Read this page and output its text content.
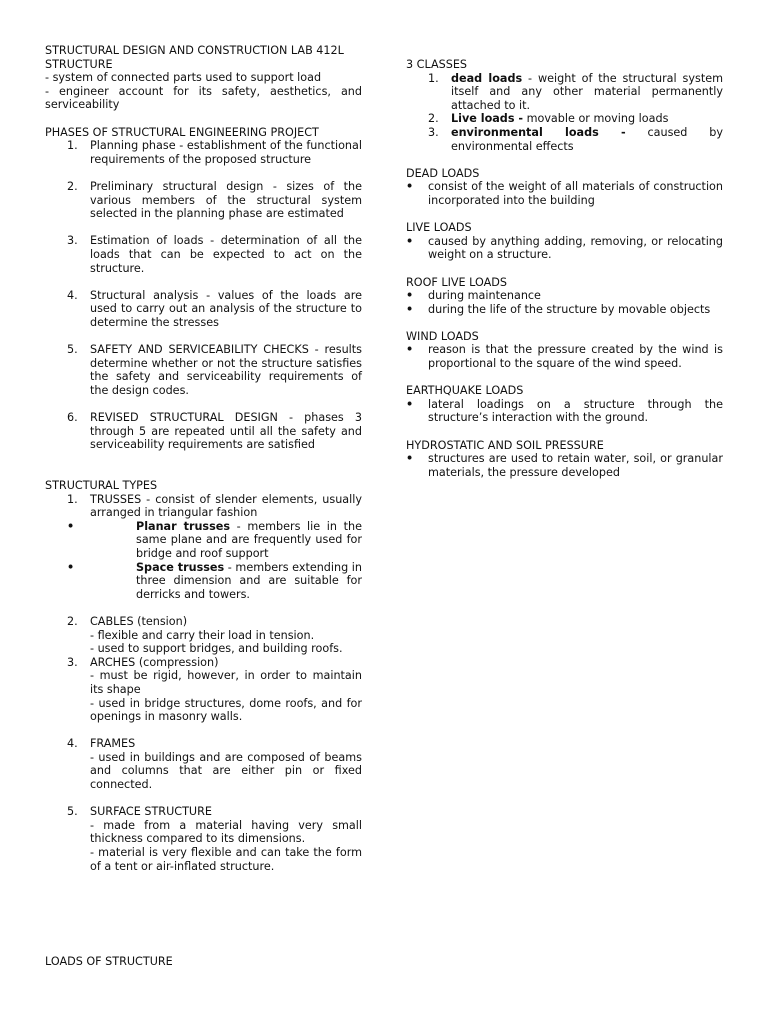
STRUCTURAL DESIGN AND CONSTRUCTION LAB 412L

STRUCTURE

- system of connected parts used to support load

- engineer account for its safety, aesthetics, and serviceability

PHASES OF STRUCTURAL ENGINEERING PROJECT

1.	Planning phase - establishment of the functional requirements of the proposed structure
2.	Preliminary structural design - sizes of the various members of the structural system selected in the planning phase are estimated
3.	Estimation of loads - determination of all the loads that can be expected to act on the structure.
4.	Structural analysis - values of the loads are used to carry out an analysis of the structure to determine the stresses
5.	SAFETY AND SERVICEABILITY CHECKS - results determine whether or not the structure satisfies the safety and serviceability requirements of the design codes.
6.	REVISED STRUCTURAL DESIGN - phases 3 through 5 are repeated until all the safety and serviceability requirements are satisfied

STRUCTURAL TYPES

1.	TRUSSES - consist of slender elements, usually arranged in triangular fashion
• Planar trusses - members lie in the same plane and are frequently used for bridge and roof support
• Space trusses - members extending in three dimension and are suitable for derricks and towers.
2.	CABLES (tension)

- flexible and carry their load in tension.

- used to support bridges, and building roofs.

3.	ARCHES (compression)

- must be rigid, however, in order to maintain its shape

- used in bridge structures, dome roofs, and for openings in masonry walls.

4.	FRAMES

- used in buildings and are composed of beams and columns that are either pin or fixed connected.

5.	SURFACE STRUCTURE

- made from a material having very small thickness compared to its dimensions.

- material is very flexible and can take the form of a tent or air-inflated structure.

LOADS OF STRUCTURE

3 CLASSES

1.	dead loads - weight of the structural system itself and any other material permanently attached to it.
2.	Live loads - movable or moving loads
3.	environmental loads - caused by environmental effects

DEAD LOADS

• consist of the weight of all materials of construction incorporated into the building

LIVE LOADS

• caused by anything adding, removing, or relocating weight on a structure.

ROOF LIVE LOADS

• during maintenance
• during the life of the structure by movable objects

WIND LOADS

• reason is that the pressure created by the wind is proportional to the square of the wind speed.

EARTHQUAKE LOADS

• lateral loadings on a structure through the structure’s interaction with the ground.

HYDROSTATIC AND SOIL PRESSURE

• structures are used to retain water, soil, or granular materials, the pressure developed
